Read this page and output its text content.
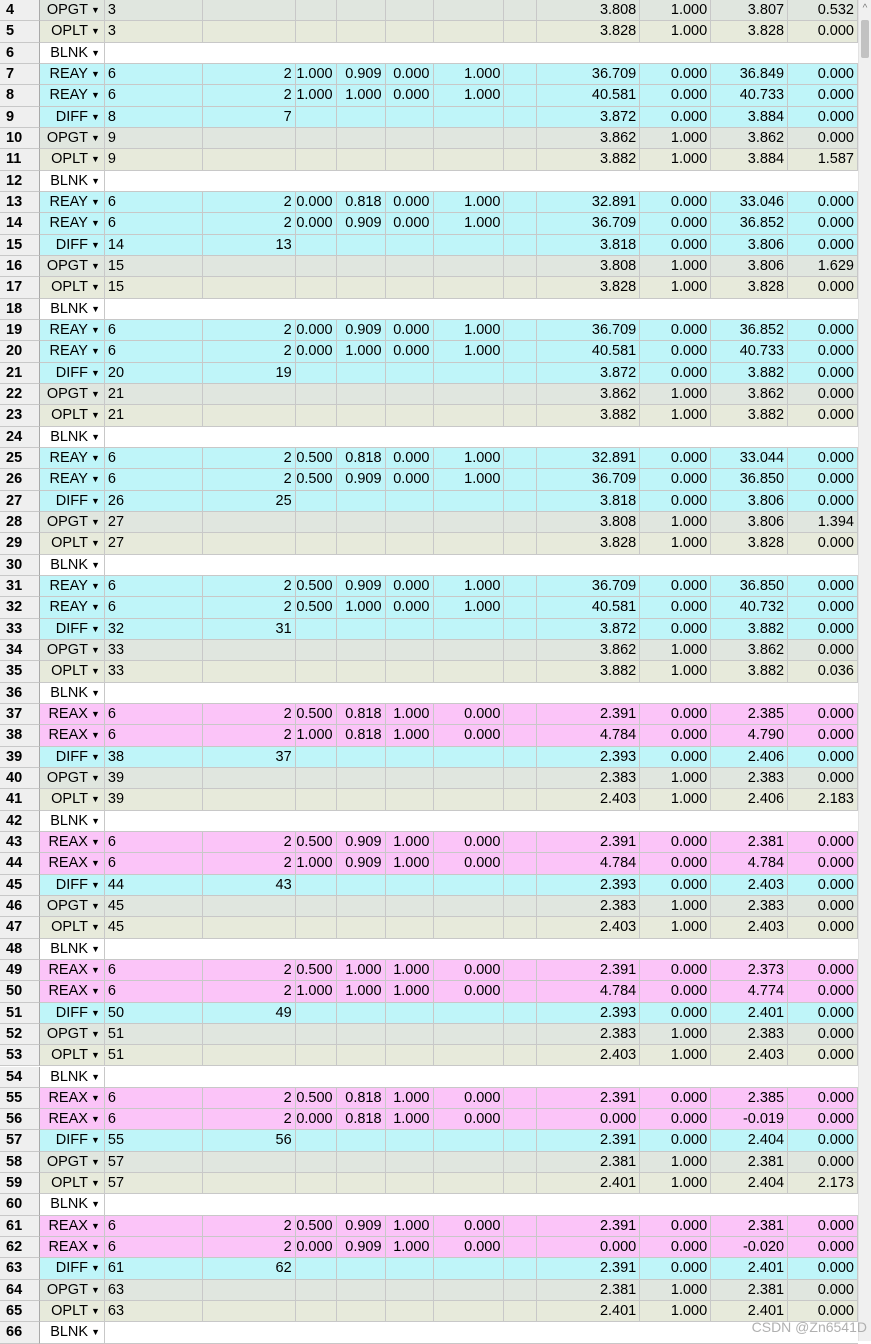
4	OPGT ▼ 3	3.808	1.000	3.807	0.532
5	OPLT ▼ 3	3.828	1.000	3.828	0.000
6	BLNK ▼
7	REAY ▼ 6	2 1.000 0.909 0.000	1.000	36.709	0.000	36.849	0.000
8	REAY ▼ 6	2 1.000 1.000 0.000	1.000	40.581	0.000	40.733	0.000
9	DIFF ▼ 8	7	3.872	0.000	3.884	0.000
10	OPGT ▼ 9	3.862	1.000	3.862	0.000
11	OPLT ▼ 9	3.882	1.000	3.884	1.587
12	BLNK ▼
13	REAY ▼ 6	2 0.000 0.818 0.000	1.000	32.891	0.000	33.046	0.000
14	REAY ▼ 6	2 0.000 0.909 0.000	1.000	36.709	0.000	36.852	0.000
15	DIFF ▼ 14	13	3.818	0.000	3.806	0.000
16	OPGT ▼ 15	3.808	1.000	3.806	1.629
17	OPLT ▼ 15	3.828	1.000	3.828	0.000
18	BLNK ▼
19	REAY ▼ 6	2 0.000 0.909 0.000	1.000	36.709	0.000	36.852	0.000
20	REAY ▼ 6	2 0.000 1.000 0.000	1.000	40.581	0.000	40.733	0.000
21	DIFF ▼ 20	19	3.872	0.000	3.882	0.000
22	OPGT ▼ 21	3.862	1.000	3.862	0.000
23	OPLT ▼ 21	3.882	1.000	3.882	0.000
24	BLNK ▼
25	REAY ▼ 6	2 0.500 0.818 0.000	1.000	32.891	0.000	33.044	0.000
26	REAY ▼ 6	2 0.500 0.909 0.000	1.000	36.709	0.000	36.850	0.000
27	DIFF ▼ 26	25	3.818	0.000	3.806	0.000
28	OPGT ▼ 27	3.808	1.000	3.806	1.394
29	OPLT ▼ 27	3.828	1.000	3.828	0.000
30	BLNK ▼
31	REAY ▼ 6	2 0.500 0.909 0.000	1.000	36.709	0.000	36.850	0.000
32	REAY ▼ 6	2 0.500 1.000 0.000	1.000	40.581	0.000	40.732	0.000
33	DIFF ▼ 32	31	3.872	0.000	3.882	0.000
34	OPGT ▼ 33	3.862	1.000	3.862	0.000
35	OPLT ▼ 33	3.882	1.000	3.882	0.036
36	BLNK ▼
37	REAX ▼ 6	2 0.500 0.818 1.000	0.000	2.391	0.000	2.385	0.000
38	REAX ▼ 6	2 1.000 0.818 1.000	0.000	4.784	0.000	4.790	0.000
39	DIFF ▼ 38	37	2.393	0.000	2.406	0.000
40	OPGT ▼ 39	2.383	1.000	2.383	0.000
41	OPLT ▼ 39	2.403	1.000	2.406	2.183
42	BLNK ▼
43	REAX ▼ 6	2 0.500 0.909 1.000	0.000	2.391	0.000	2.381	0.000
44	REAX ▼ 6	2 1.000 0.909 1.000	0.000	4.784	0.000	4.784	0.000
45	DIFF ▼ 44	43	2.393	0.000	2.403	0.000
46	OPGT ▼ 45	2.383	1.000	2.383	0.000
47	OPLT ▼ 45	2.403	1.000	2.403	0.000
48	BLNK ▼
49	REAX ▼ 6	2 0.500 1.000 1.000	0.000	2.391	0.000	2.373	0.000
50	REAX ▼ 6	2 1.000 1.000 1.000	0.000	4.784	0.000	4.774	0.000
51	DIFF ▼ 50	49	2.393	0.000	2.401	0.000
52	OPGT ▼ 51	2.383	1.000	2.383	0.000
53	OPLT ▼ 51	2.403	1.000	2.403	0.000
54	BLNK ▼
55	REAX ▼ 6	2 0.500 0.818 1.000	0.000	2.391	0.000	2.385	0.000
56	REAX ▼ 6	2 0.000 0.818 1.000	0.000	0.000	0.000	-0.019	0.000
57	DIFF ▼ 55	56	2.391	0.000	2.404	0.000
58	OPGT ▼ 57	2.381	1.000	2.381	0.000
59	OPLT ▼ 57	2.401	1.000	2.404	2.173
60	BLNK ▼
61	REAX ▼ 6	2 0.500 0.909 1.000	0.000	2.391	0.000	2.381	0.000
62	REAX ▼ 6	2 0.000 0.909 1.000	0.000	0.000	0.000	-0.020	0.000
63	DIFF ▼ 61	62	2.391	0.000	2.401	0.000
64	OPGT ▼ 63	2.381	1.000	2.381	0.000
65	OPLT ▼ 63	2.401	1.000	2.401	0.000
66	BLNK ▼
^
CSDN @Zn6541D
